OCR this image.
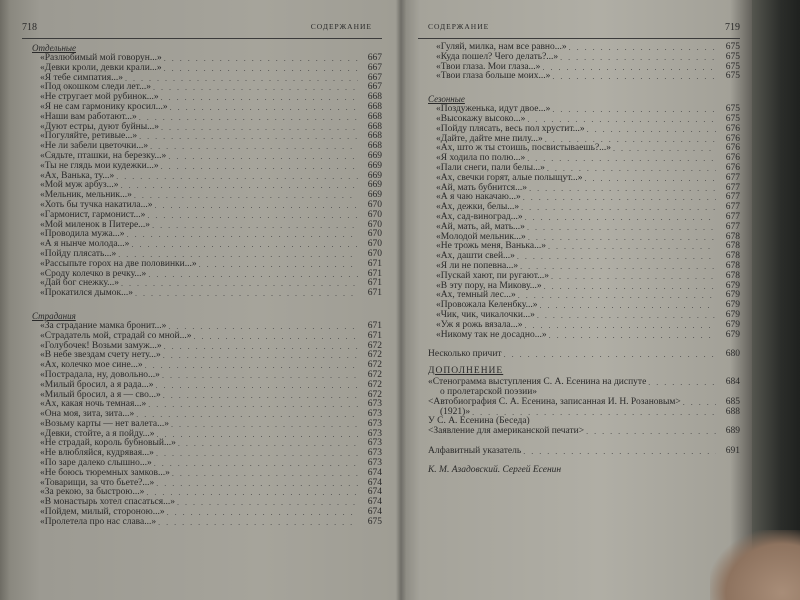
718	СОДЕРЖАНИЕ
Отдельные
«Разлюбимый мой говорун...» . . .	667
«Девки кроли, девки крали...» . . .	667
«Я тебе симпатия...» . . .	667
«Под окошком следи лет...» . . .	667
«Не стругает мой рубинок...» . . .	668
«Я не сам гармонику кросил...» . . .	668
«Наши вам работают...» . . .	668
«Дуют естры, дуют буйны...» . . .	668
«Погуляйте, ретивые...» . . .	668
«Не ли забели цветочки...» . . .	668
«Сядьте, пташки, на березку...» . . .	669
«Ты не глядь мои кудежки...» . . .	669
«Ах, Ванька, ту...» . . .	669
«Мой муж арбуз...» . . .	669
«Мельник, мельник...» . . .	669
«Хоть бы тучка накатила...» . . .	670
«Гармонист, гармонист...» . . .	670
«Мой миленок в Питере...» . . .	670
«Проводила мужа...» . . .	670
«А я нынче молода...» . . .	670
«Пойду плясать...» . . .	670
«Рассыпьте горох на две половинки...» . . .	671
«Сроду колечко в речку...» . . .	671
«Дай бог снежку...» . . .	671
«Прокатился дымок...» . . .	671
Страдания
«За страдание мамка бронит...» . . .	671
«Страдатель мой, страдай со мной...» . . .	671
«Голубочек! Возьми замуж...» . . .	672
«В небе звездам счету нету...» . . .	672
«Ах, колечко мое сине...» . . .	672
«Пострадала, ну, довольно...» . . .	672
«Милый бросил, а я рада...» . . .	672
«Милый бросил, а я — сво...» . . .	672
«Ах, какая ночь темная...» . . .	673
«Она моя, зита, зита...» . . .	673
«Возьму карты — нет валета...» . . .	673
«Девки, стойте, а я пойду...» . . .	673
«Не страдай, король бубновый...» . . .	673
«Не влюбляйся, кудрявая...» . . .	673
«По заре далеко слышно...» . . .	673
«Не боюсь тюремных замков...» . . .	674
«Товарищи, за что бьете?...» . . .	674
«За рекою, за быстрою...» . . .	674
«В монастырь хотел спасаться...» . . .	674
«Пойдем, милый, стороною...» . . .	674
«Пролетела про нас слава...» . . .	675
СОДЕРЖАНИЕ	719
«Гуляй, милка, нам все равно...» . . .	675
«Куда пошел? Чего делать?...» . . .	675
«Твои глаза. Мои глаза...» . . .	675
«Твои глаза больше моих...» . . .	675
Сезонные
«Поздуженька, идут двое...» . . .	675
«Высокажу высоко...» . . .	675
«Пойду плясать, весь пол хрустит...» . . .	676
«Дайте, дайте мне пилу...» . . .	676
«Ах, што ж ты стоишь, посвистываешь?...» . . .	676
«Я ходила по полю...» . . .	676
«Пали снеги, пали белы...» . . .	676
«Ах, свечки горят, алые полыщут...» . . .	677
«Ай, мать бубнится...» . . .	677
«А я чаю накачаю...» . . .	677
«Ах, дежки, белы...» . . .	677
«Ах, сад-виноград...» . . .	677
«Ай, мать, ай, мать...» . . .	677
«Молодой мельник...» . . .	678
«Не трожь меня, Ванька...» . . .	678
«Ах, дашти свей...» . . .	678
«Я ли не попевна...» . . .	678
«Пускай хают, пи ругают...» . . .	678
«В эту пору, на Микову...» . . .	679
«Ах, темный лес...» . . .	679
«Провожала Келенбку...» . . .	679
«Чик, чик, чикалочки...» . . .	679
«Уж я рожь вязала...» . . .	679
«Никому так не досадно...» . . .	679
Несколько причит . . .	680
ДОПОЛНЕНИЕ
«Стенограмма выступления С. А. Есенина на диспуте . . .	684
о пролетарской поэзии»
<Автобиография С. А. Есенина, записанная И. Н. Розановым> . . .	685
(1921)» . . .	688
У С. А. Есенина (Беседа)
<Заявление для американской печати> . . .	689
Алфавитный указатель . . .	691
К. М. Азадовский. Сергей Есенин
